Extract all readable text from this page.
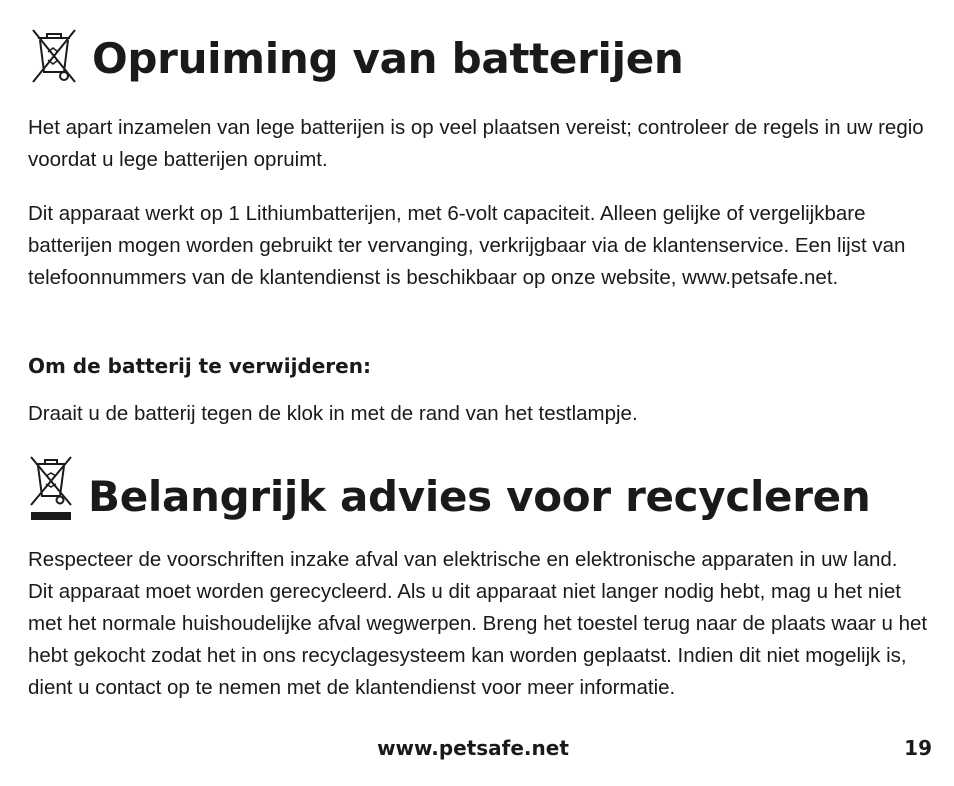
Opruiming van batterijen

Het apart inzamelen van lege batterijen is op veel plaatsen vereist; controleer de regels in uw regio voordat u lege batterijen opruimt.

Dit apparaat werkt op 1 Lithiumbatterijen, met 6-volt capaciteit. Alleen gelijke of vergelijkbare batterijen mogen worden gebruikt ter vervanging, verkrijgbaar via de klantenservice. Een lijst van telefoonnummers van de klantendienst is beschikbaar op onze website, www.petsafe.net.

Om de batterij te verwijderen:

Draait u de batterij tegen de klok in met de rand van het testlampje.

Belangrijk advies voor recycleren

Respecteer de voorschriften inzake afval van elektrische en elektronische apparaten in uw land. Dit apparaat moet worden gerecycleerd. Als u dit apparaat niet langer nodig hebt, mag u het niet met het normale huishoudelijke afval wegwerpen. Breng het toestel terug naar de plaats waar u het hebt gekocht zodat het in ons recyclagesysteem kan worden geplaatst. Indien dit niet mogelijk is, dient u contact op te nemen met de klantendienst voor meer informatie.

www.petsafe.net	19
